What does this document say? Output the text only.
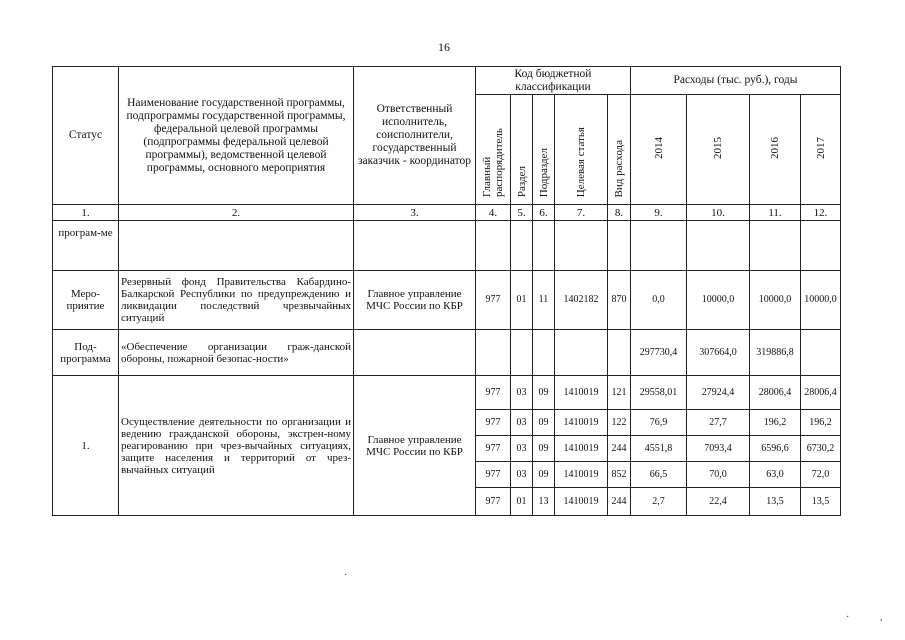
16
Статус	Наименование государственной программы, подпрограммы государственной программы, федеральной целевой программы (подпрограммы федеральной целевой программы), ведомственной целевой программы, основного мероприятия	Ответственный исполнитель, соисполнители, государственный заказчик - координатор	Код бюджетной классификации					Расходы (тыс. руб.), годы			
			Главный распорядитель	Раздел	Подраздел	Целевая статья	Вид расхода	2014	2015	2016	2017
1.	2.	3.	4.	5.	6.	7.	8.	9.	10.	11.	12.
програм-ме											
Меро-приятие	Резервный фонд Правительства Кабардино-Балкарской Республики по предупреждению и ликвидации последствий чрезвычайных ситуаций	Главное управление МЧС России по КБР	977	01	11	1402182	870	0,0	10000,0	10000,0	10000,0
Под-программа	«Обеспечение организации граж-данской обороны, пожарной безопас-ности»							297730,4	307664,0	319886,8	
1.	Осуществление деятельности по организации и ведению гражданской обороны, экстрен-ному реагированию при чрез-вычайных ситуациях, защите населения и территорий от чрез-вычайных ситуаций	Главное управление МЧС России по КБР	977	03	09	1410019	121	29558,01	27924,4	28006,4	28006,4
			977	03	09	1410019	122	76,9	27,7	196,2	196,2
			977	03	09	1410019	244	4551,8	7093,4	6596,6	6730,2
			977	03	09	1410019	852	66,5	70,0	63,0	72,0
			977	01	13	1410019	244	2,7	22,4	13,5	13,5
·
·	,
